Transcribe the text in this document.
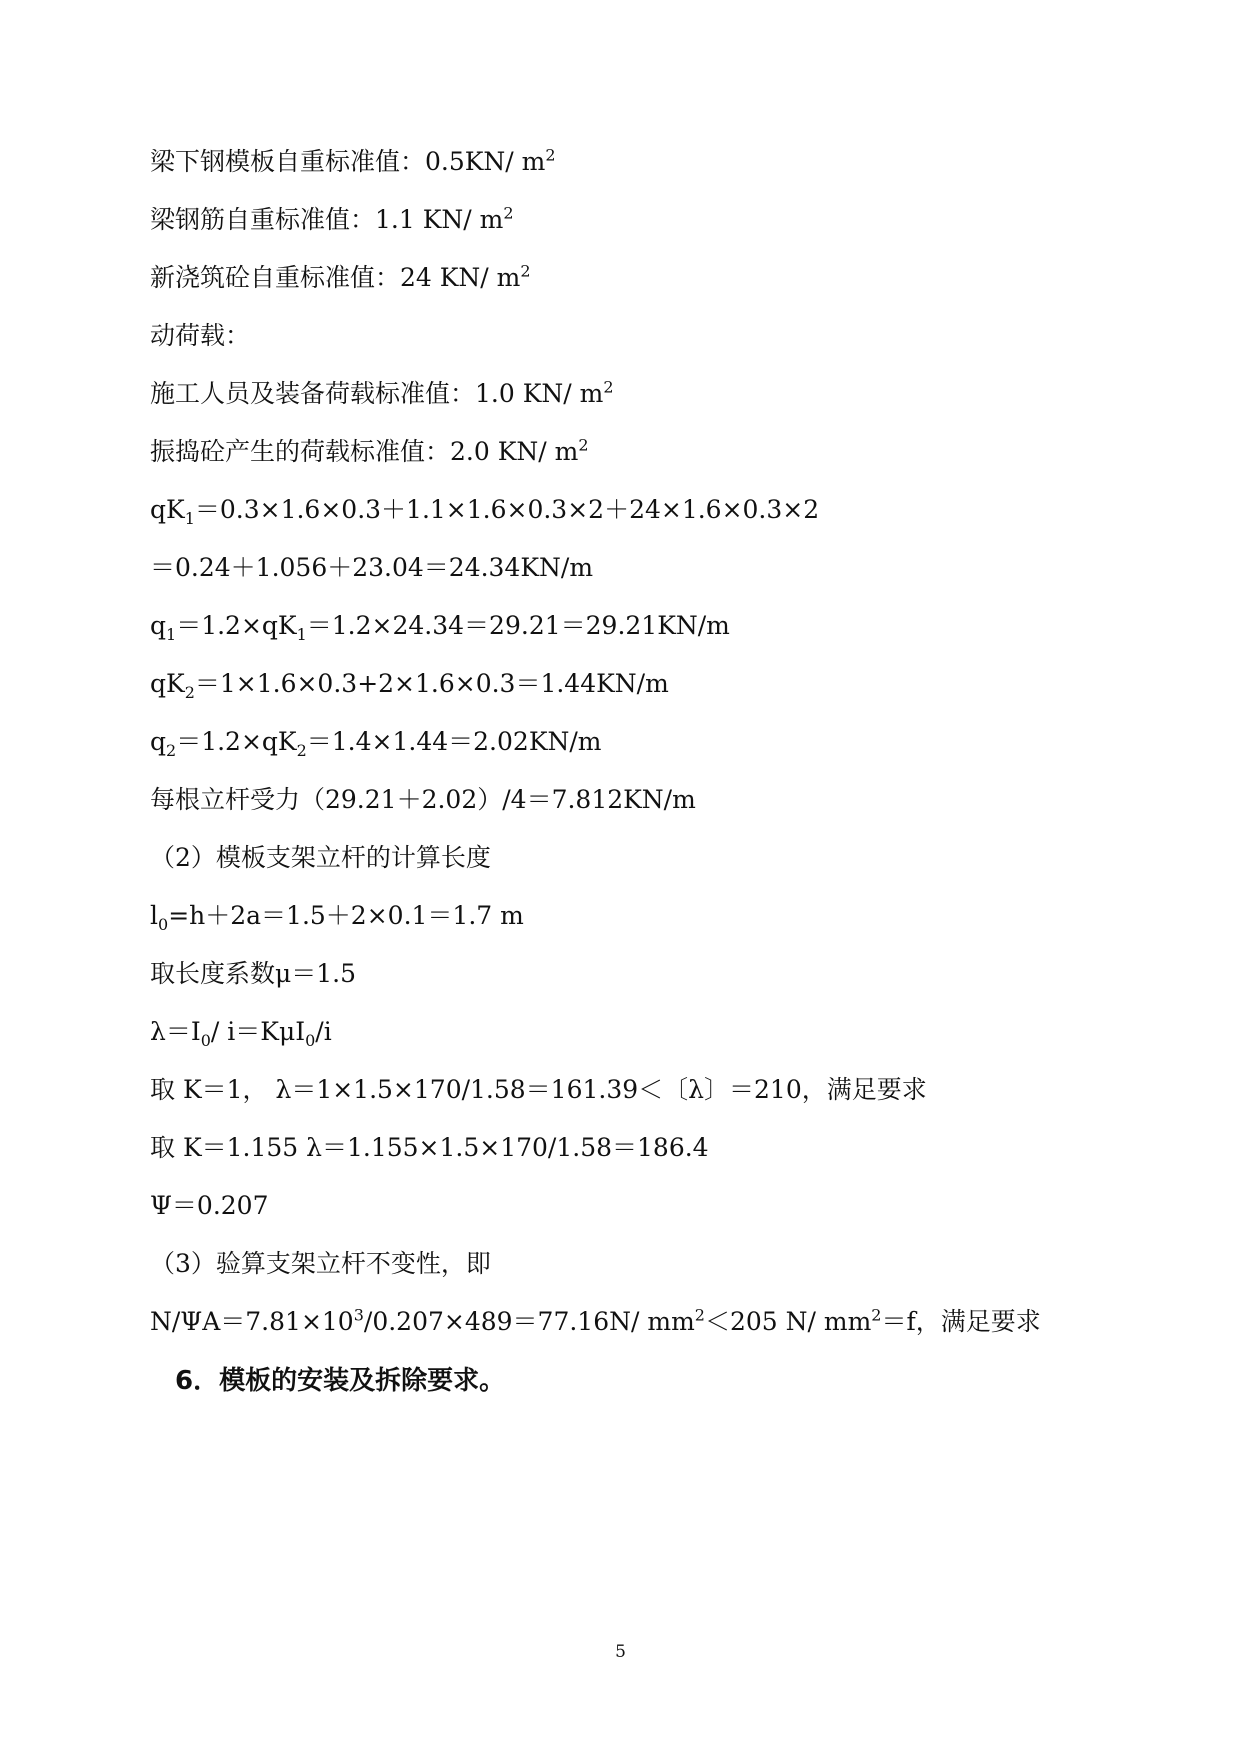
梁下钢模板自重标准值：0.5KN/ $m^2$
梁钢筋自重标准值：1.1 KN/ $m^2$
新浇筑砼自重标准值：24 KN/ $m^2$
动荷载：
施工人员及装备荷载标准值：1.0 KN/ $m^2$
振捣砼产生的荷载标准值：2.0 KN/ $m^2$
$qK_1=0.3\times 1.6\times 0.3+1.1\times 1.6\times 0.3\times 2+24\times 1.6\times 0.3\times 2$
＝0.24＋1.056＋23.04＝24.34KN/m
$q_1=1.2\times qK_1=1.2\times 24.34=29.21=29.21KN/m$
$qK_2=1\times 1.6\times 0.3+2\times 1.6\times 0.3=1.44KN/m$
$q_2=1.2\times qK_2=1.4\times 1.44=2.02KN/m$
每根立杆受力（29.21＋2.02）/4＝7.812KN/m
（2）模板支架立杆的计算长度
$l_0=h+2a=1.5+2\times 0.1=1.7$ m
取长度系数μ＝1.5
$\lambda=I_0/$ i＝KμI$_0$/i
取 K＝1， λ＝1×1.5×170/1.58＝161.39＜〔λ〕＝210，满足要求
取 K＝1.155 λ＝1.155×1.5×170/1.58＝186.4
Ψ＝0.207
（3）验算支架立杆不变性，即
$N/\Psi A=7.81\times 10^3/0.207\times 489=77.16N/$ $mm^2<205$ N/ $mm^2=f$，满足要求
6．模板的安装及拆除要求。
5
